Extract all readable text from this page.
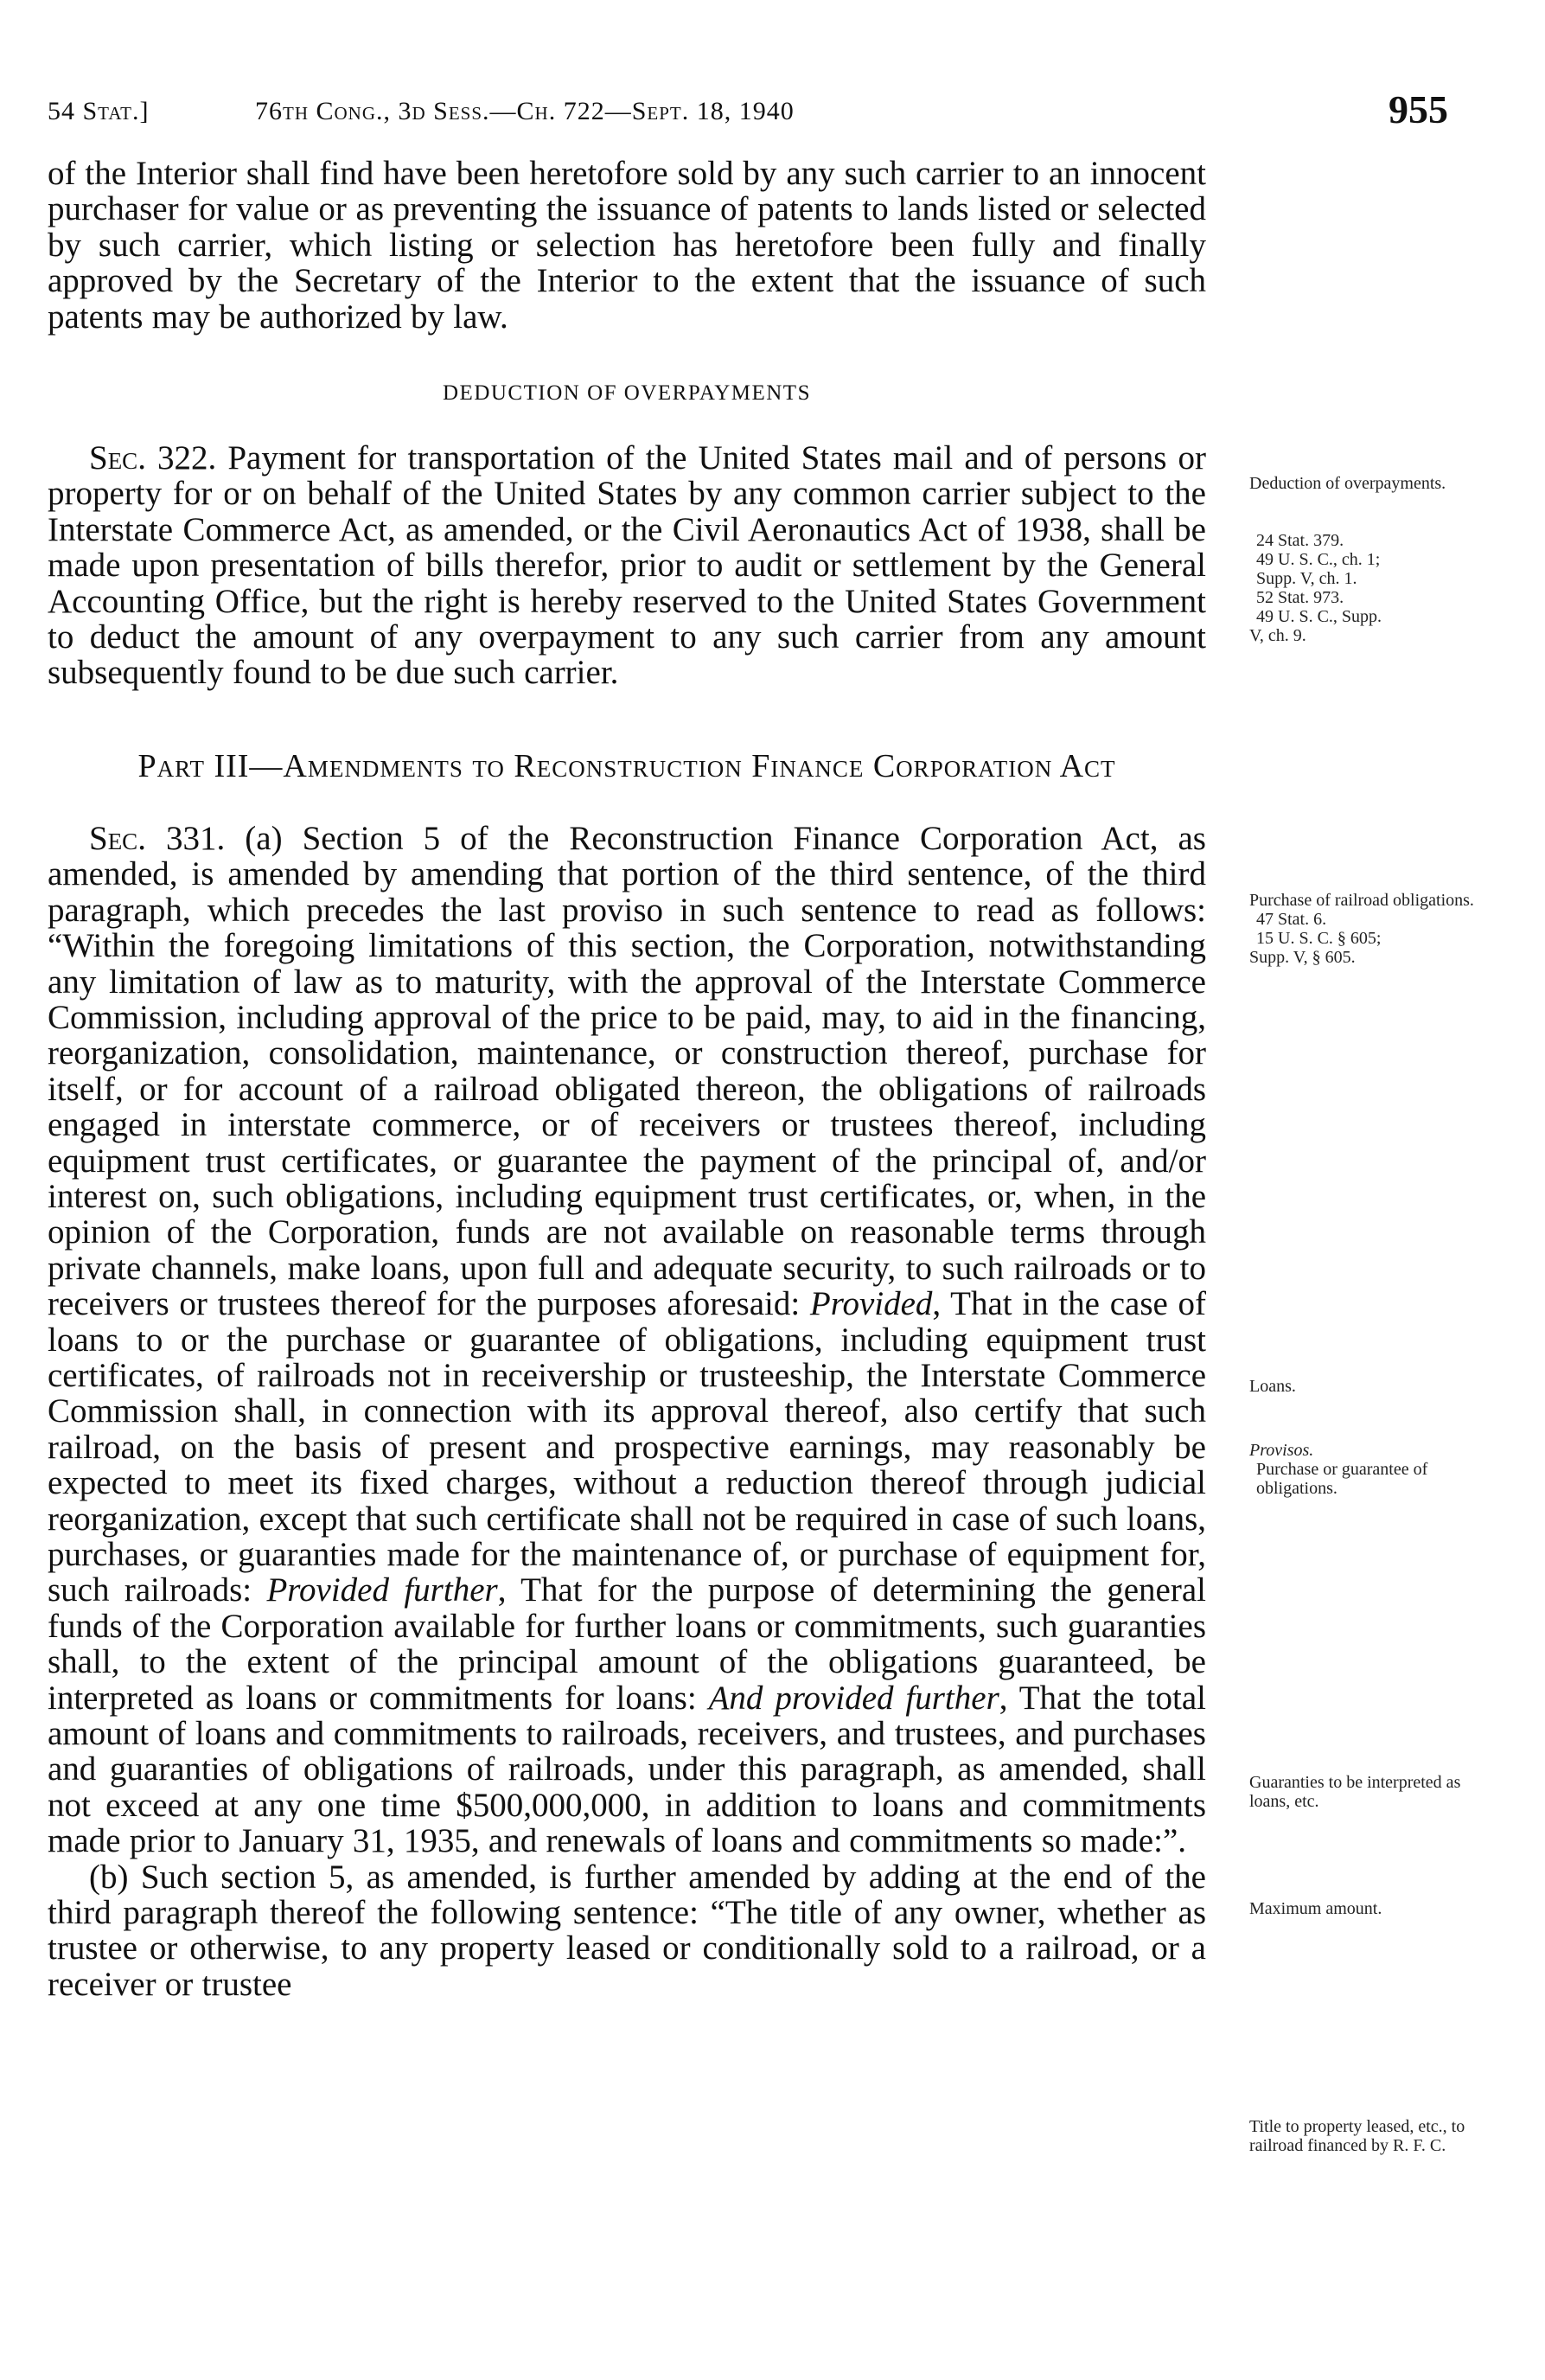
54 Stat.]	76th Cong., 3d Sess.—Ch. 722—Sept. 18, 1940	955

of the Interior shall find have been heretofore sold by any such carrier to an innocent purchaser for value or as preventing the issuance of patents to lands listed or selected by such carrier, which listing or selection has heretofore been fully and finally approved by the Secretary of the Interior to the extent that the issuance of such patents may be authorized by law.

DEDUCTION OF OVERPAYMENTS

Sec. 322. Payment for transportation of the United States mail and of persons or property for or on behalf of the United States by any common carrier subject to the Interstate Commerce Act, as amended, or the Civil Aeronautics Act of 1938, shall be made upon presentation of bills therefor, prior to audit or settlement by the General Accounting Office, but the right is hereby reserved to the United States Government to deduct the amount of any overpayment to any such carrier from any amount subsequently found to be due such carrier.

Part III—Amendments to Reconstruction Finance Corporation Act

Sec. 331. (a) Section 5 of the Reconstruction Finance Corporation Act, as amended, is amended by amending that portion of the third sentence, of the third paragraph, which precedes the last proviso in such sentence to read as follows: “Within the foregoing limitations of this section, the Corporation, notwithstanding any limitation of law as to maturity, with the approval of the Interstate Commerce Commission, including approval of the price to be paid, may, to aid in the financing, reorganization, consolidation, maintenance, or construction thereof, purchase for itself, or for account of a railroad obligated thereon, the obligations of railroads engaged in interstate commerce, or of receivers or trustees thereof, including equipment trust certificates, or guarantee the payment of the principal of, and/or interest on, such obligations, including equipment trust certificates, or, when, in the opinion of the Corporation, funds are not available on reasonable terms through private channels, make loans, upon full and adequate security, to such railroads or to receivers or trustees thereof for the purposes aforesaid: Provided, That in the case of loans to or the purchase or guarantee of obligations, including equipment trust certificates, of railroads not in receivership or trusteeship, the Interstate Commerce Commission shall, in connection with its approval thereof, also certify that such railroad, on the basis of present and prospective earnings, may reasonably be expected to meet its fixed charges, without a reduction thereof through judicial reorganization, except that such certificate shall not be required in case of such loans, purchases, or guaranties made for the maintenance of, or purchase of equipment for, such railroads: Provided further, That for the purpose of determining the general funds of the Corporation available for further loans or commitments, such guaranties shall, to the extent of the principal amount of the obligations guaranteed, be interpreted as loans or commitments for loans: And provided further, That the total amount of loans and commitments to railroads, receivers, and trustees, and purchases and guaranties of obligations of railroads, under this paragraph, as amended, shall not exceed at any one time $500,000,000, in addition to loans and commitments made prior to January 31, 1935, and renewals of loans and commitments so made:”.

(b) Such section 5, as amended, is further amended by adding at the end of the third paragraph thereof the following sentence: “The title of any owner, whether as trustee or otherwise, to any property leased or conditionally sold to a railroad, or a receiver or trustee

Deduction of overpayments.
24 Stat. 379.
49 U. S. C., ch. 1;
Supp. V, ch. 1.
52 Stat. 973.
49 U. S. C., Supp.
V, ch. 9.
Purchase of railroad obligations.
47 Stat. 6.
15 U. S. C. § 605;
Supp. V, § 605.
Loans.
Provisos.
Purchase or guarantee of obligations.
Guaranties to be interpreted as loans, etc.
Maximum amount.
Title to property leased, etc., to railroad financed by R. F. C.
